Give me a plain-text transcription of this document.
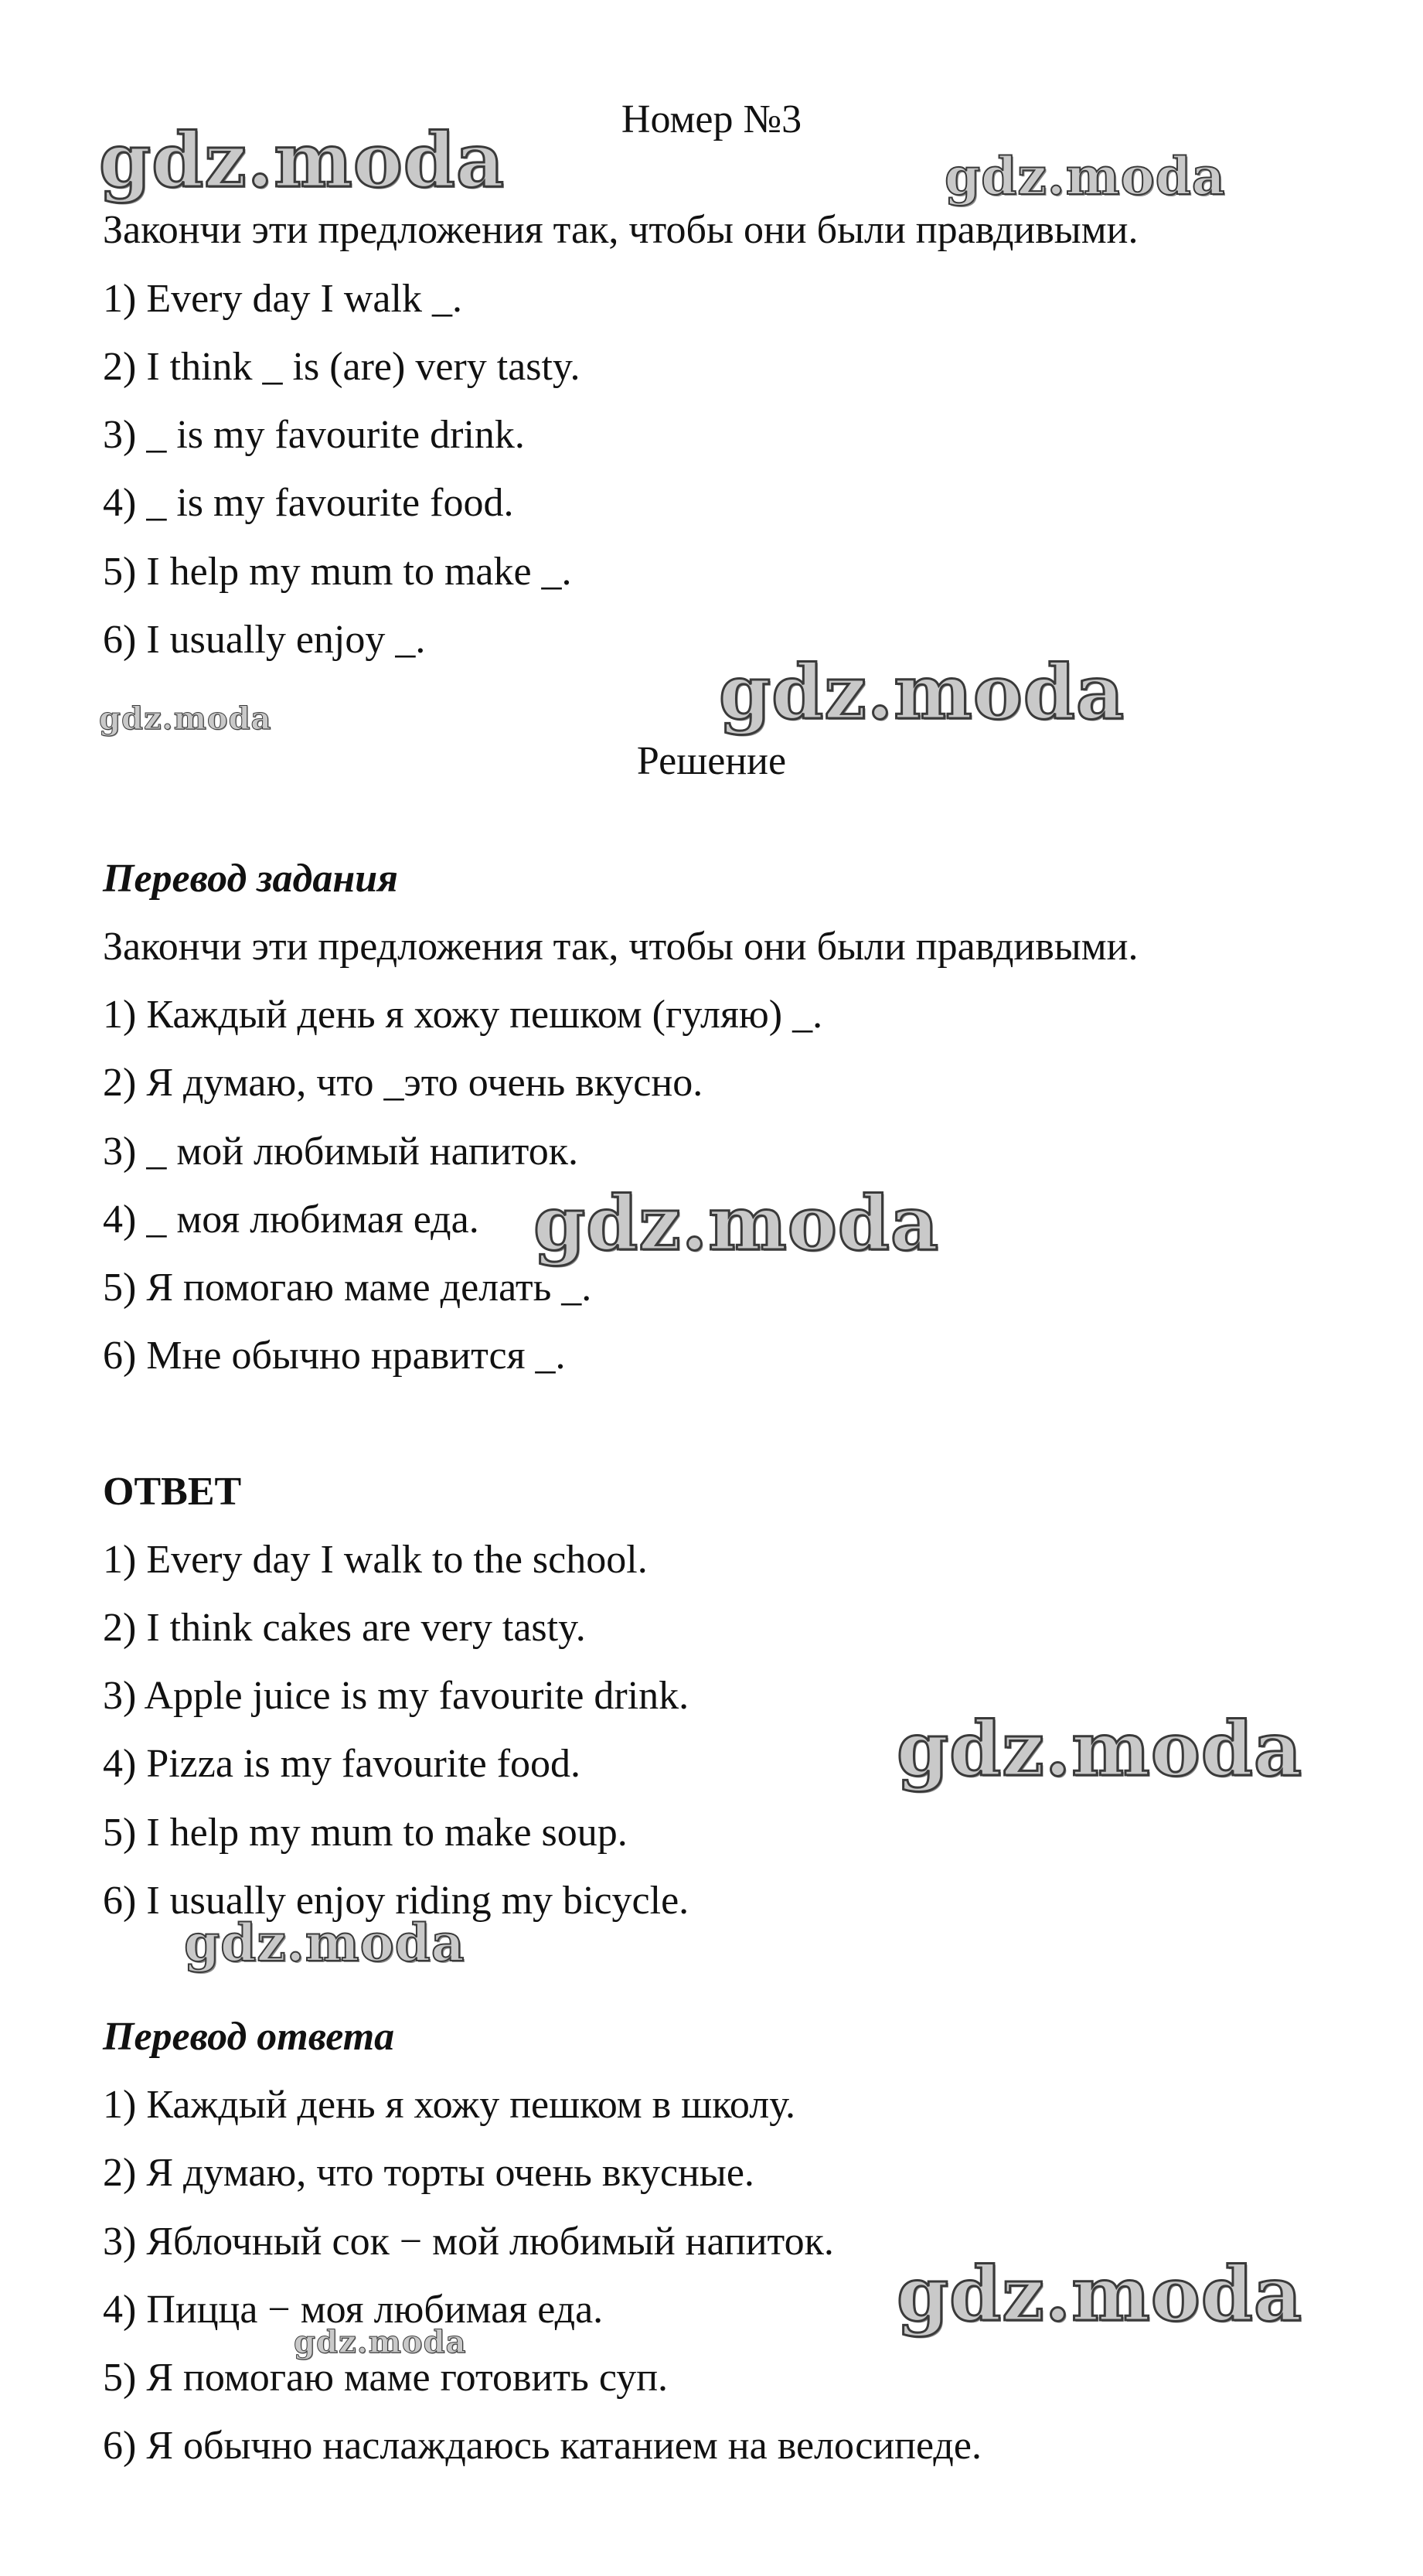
Номер №3

Закончи эти предложения так, чтобы они были правдивыми.

1) Every day I walk _.

2) I think _ is (are) very tasty.

3) _ is my favourite drink.

4) _ is my favourite food.

5) I help my mum to make _.

6) I usually enjoy _.

Решение

Перевод задания

Закончи эти предложения так, чтобы они были правдивыми.

1) Каждый день я хожу пешком (гуляю) _.

2) Я думаю, что _это очень вкусно.

3) _ мой любимый напиток.

4) _ моя любимая еда.

5) Я помогаю маме делать _.

6) Мне обычно нравится _.

ОТВЕТ

1) Every day I walk to the school.

2) I think cakes are very tasty.

3) Apple juice is my favourite drink.

4) Pizza is my favourite food.

5) I help my mum to make soup.

6) I usually enjoy riding my bicycle.

Перевод ответа

1) Каждый день я хожу пешком в школу.

2) Я думаю, что торты очень вкусные.

3) Яблочный сок − мой любимый напиток.

4) Пицца − моя любимая еда.

5) Я помогаю маме готовить суп.

6) Я обычно наслаждаюсь катанием на велосипеде.

gdz.moda	gdz.moda
gdz.moda	gdz.moda
gdz.moda
gdz.moda
gdz.moda
gdz.moda
gdz.moda
